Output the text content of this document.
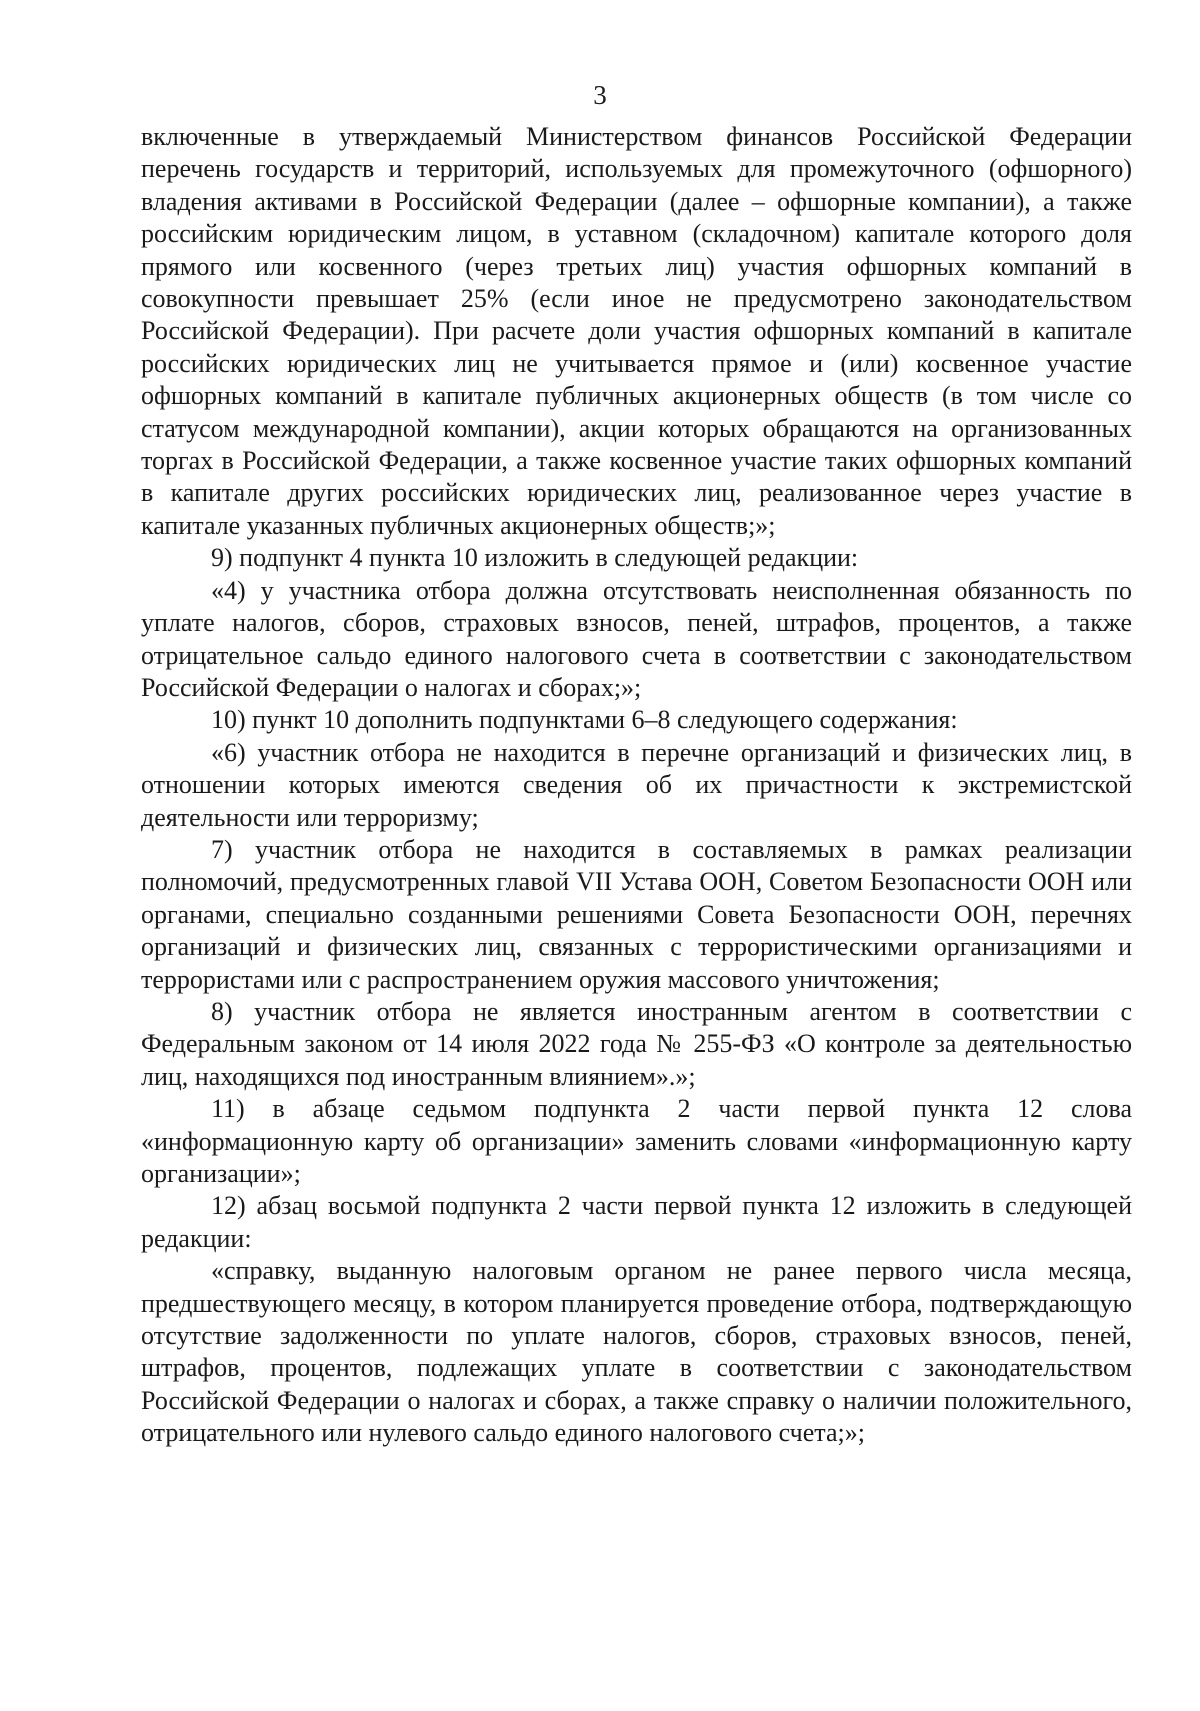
3

включенные в утверждаемый Министерством финансов Российской Федерации перечень государств и территорий, используемых для промежуточного (офшорного) владения активами в Российской Федерации (далее – офшорные компании), а также российским юридическим лицом, в уставном (складочном) капитале которого доля прямого или косвенного (через третьих лиц) участия офшорных компаний в совокупности превышает 25% (если иное не предусмотрено законодательством Российской Федерации). При расчете доли участия офшорных компаний в капитале российских юридических лиц не учитывается прямое и (или) косвенное участие офшорных компаний в капитале публичных акционерных обществ (в том числе со статусом международной компании), акции которых обращаются на организованных торгах в Российской Федерации, а также косвенное участие таких офшорных компаний в капитале других российских юридических лиц, реализованное через участие в капитале указанных публичных акционерных обществ;»;

9) подпункт 4 пункта 10 изложить в следующей редакции:

«4) у участника отбора должна отсутствовать неисполненная обязанность по уплате налогов, сборов, страховых взносов, пеней, штрафов, процентов, а также отрицательное сальдо единого налогового счета в соответствии с законодательством Российской Федерации о налогах и сборах;»;

10) пункт 10 дополнить подпунктами 6–8 следующего содержания:

«6) участник отбора не находится в перечне организаций и физических лиц, в отношении которых имеются сведения об их причастности к экстремистской деятельности или терроризму;

7) участник отбора не находится в составляемых в рамках реализации полномочий, предусмотренных главой VII Устава ООН, Советом Безопасности ООН или органами, специально созданными решениями Совета Безопасности ООН, перечнях организаций и физических лиц, связанных с террористическими организациями и террористами или с распространением оружия массового уничтожения;

8) участник отбора не является иностранным агентом в соответствии с Федеральным законом от 14 июля 2022 года № 255-ФЗ «О контроле за деятельностью лиц, находящихся под иностранным влиянием».»;

11) в абзаце седьмом подпункта 2 части первой пункта 12 слова «информационную карту об организации» заменить словами «информационную карту организации»;

12) абзац восьмой подпункта 2 части первой пункта 12 изложить в следующей редакции:

«справку, выданную налоговым органом не ранее первого числа месяца, предшествующего месяцу, в котором планируется проведение отбора, подтверждающую отсутствие задолженности по уплате налогов, сборов, страховых взносов, пеней, штрафов, процентов, подлежащих уплате в соответствии с законодательством Российской Федерации о налогах и сборах, а также справку о наличии положительного, отрицательного или нулевого сальдо единого налогового счета;»;
